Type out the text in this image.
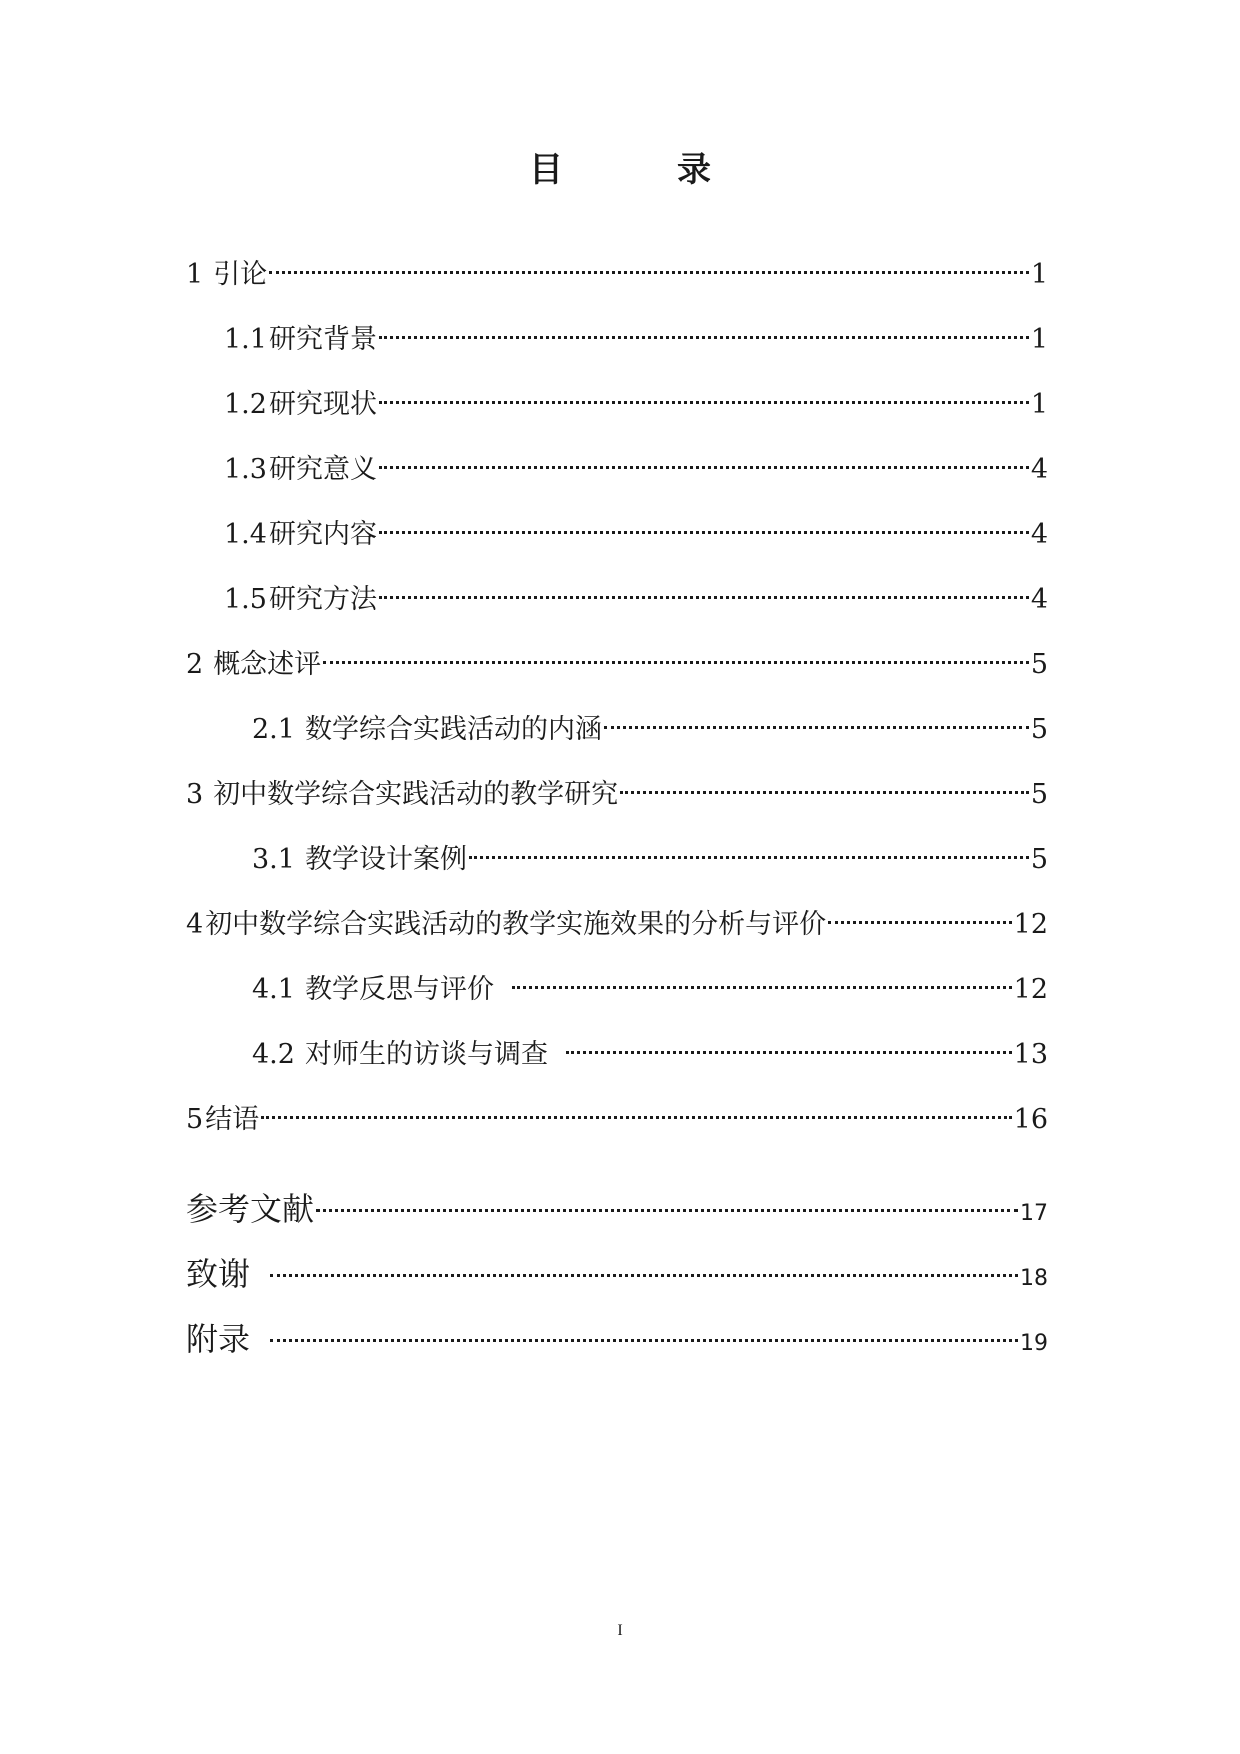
目　录
1 引论	1
1.1 研究背景	1
1.2 研究现状	1
1.3 研究意义	4
1.4 研究内容	4
1.5 研究方法	4
2 概念述评	5
2.1 数学综合实践活动的内涵	5
3 初中数学综合实践活动的教学研究	5
3.1 教学设计案例	5
4 初中数学综合实践活动的教学实施效果的分析与评价	12
4.1 教学反思与评价	12
4.2 对师生的访谈与调查	13
5 结语	16
参考文献	17
致谢	18
附录	19
I
